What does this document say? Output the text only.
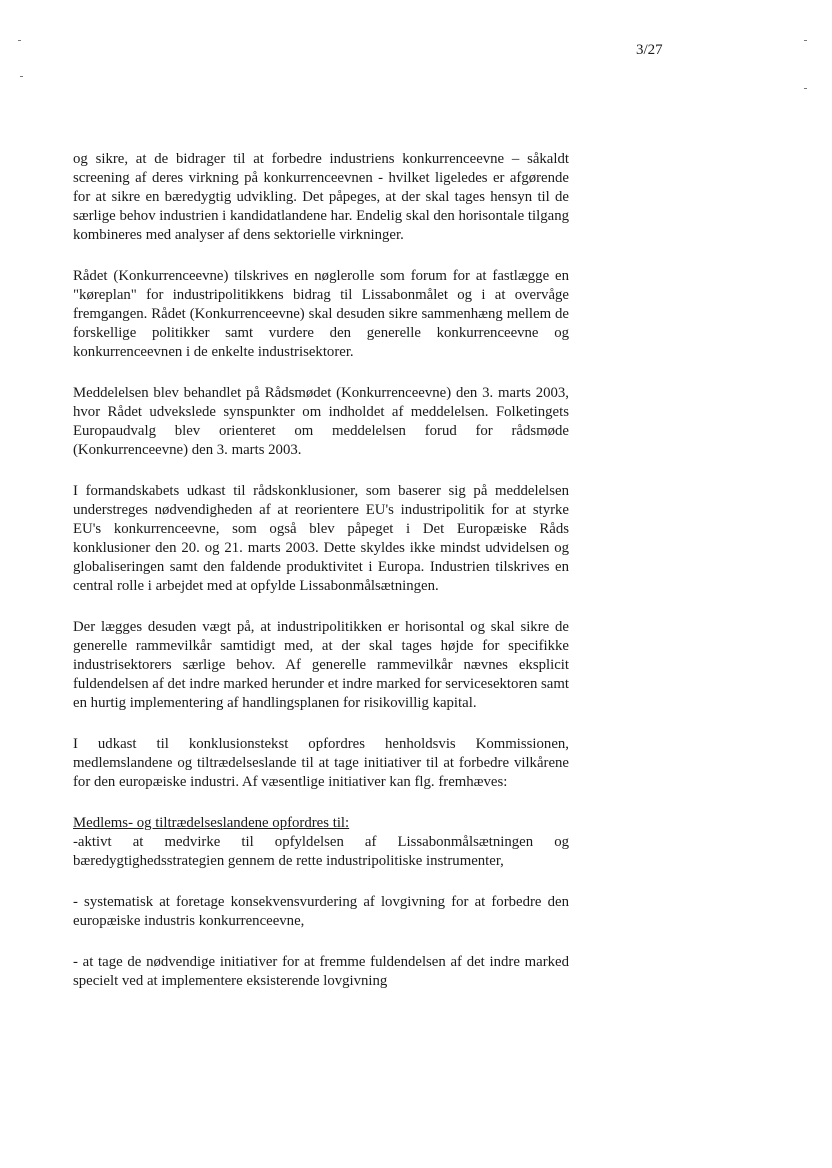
3/27

og sikre, at de bidrager til at forbedre industriens konkurrenceevne – såkaldt screening af deres virkning på konkurrenceevnen - hvilket ligeledes er afgørende for at sikre en bæredygtig udvikling. Det påpeges, at der skal tages hensyn til de særlige behov industrien i kandidatlandene har. Endelig skal den horisontale tilgang kombineres med analyser af dens sektorielle virkninger.

Rådet (Konkurrenceevne) tilskrives en nøglerolle som forum for at fastlægge en "køreplan" for industripolitikkens bidrag til Lissabonmålet og i at overvåge fremgangen. Rådet (Konkurrenceevne) skal desuden sikre sammenhæng mellem de forskellige politikker samt vurdere den generelle konkurrenceevne og konkurrenceevnen i de enkelte industrisektorer.

Meddelelsen blev behandlet på Rådsmødet (Konkurrenceevne) den 3. marts 2003, hvor Rådet udvekslede synspunkter om indholdet af meddelelsen. Folketingets Europaudvalg blev orienteret om meddelelsen forud for rådsmøde (Konkurrenceevne) den 3. marts 2003.

I formandskabets udkast til rådskonklusioner, som baserer sig på meddelelsen understreges nødvendigheden af at reorientere EU's industripolitik for at styrke EU's konkurrenceevne, som også blev påpeget i Det Europæiske Råds konklusioner den 20. og 21. marts 2003. Dette skyldes ikke mindst udvidelsen og globaliseringen samt den faldende produktivitet i Europa. Industrien tilskrives en central rolle i arbejdet med at opfylde Lissabonmålsætningen.

Der lægges desuden vægt på, at industripolitikken er horisontal og skal sikre de generelle rammevilkår samtidigt med, at der skal tages højde for specifikke industrisektorers særlige behov. Af generelle rammevilkår nævnes eksplicit fuldendelsen af det indre marked herunder et indre marked for servicesektoren samt en hurtig implementering af handlingsplanen for risikovillig kapital.

I udkast til konklusionstekst opfordres henholdsvis Kommissionen, medlemslandene og tiltrædelseslande til at tage initiativer til at forbedre vilkårene for den europæiske industri. Af væsentlige initiativer kan flg. fremhæves:

Medlems- og tiltrædelseslandene opfordres til:

-aktivt at medvirke til opfyldelsen af Lissabonmålsætningen og bæredygtighedsstrategien gennem de rette industripolitiske instrumenter,

- systematisk at foretage konsekvensvurdering af lovgivning for at forbedre den europæiske industris konkurrenceevne,

- at tage de nødvendige initiativer for at fremme fuldendelsen af det indre marked specielt ved at implementere eksisterende lovgivning
